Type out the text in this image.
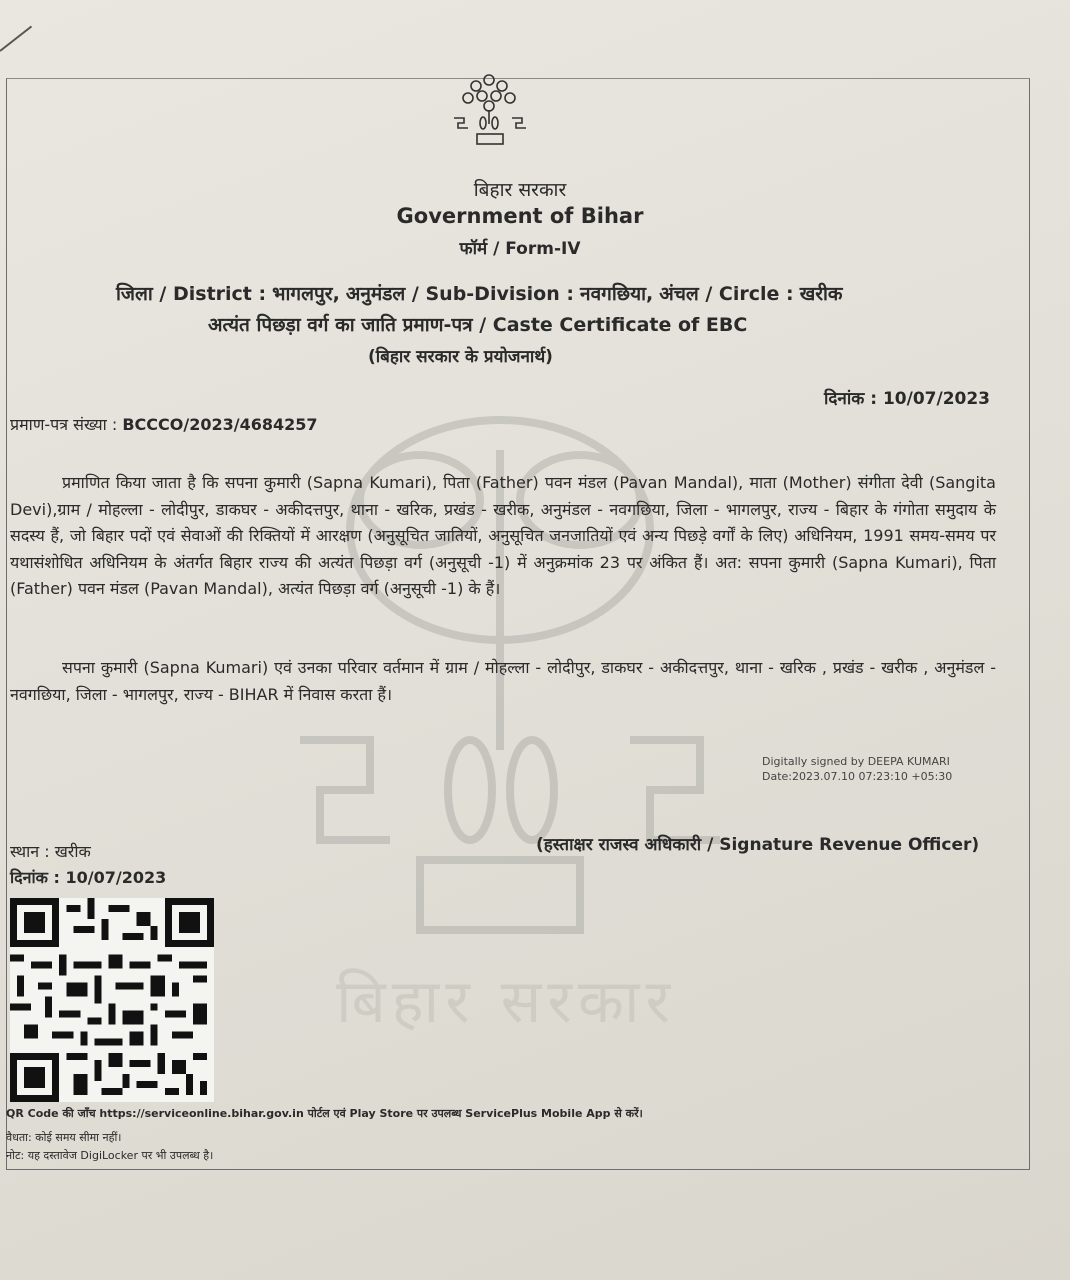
बिहार सरकार
बिहार सरकार
Government of Bihar
फॉर्म / Form-IV
जिला / District : भागलपुर, अनुमंडल / Sub-Division : नवगछिया, अंचल / Circle : खरीक
अत्यंत पिछड़ा वर्ग का जाति प्रमाण-पत्र / Caste Certificate of EBC
(बिहार सरकार के प्रयोजनार्थ)
दिनांक : 10/07/2023
प्रमाण-पत्र संख्या : BCCCO/2023/4684257
प्रमाणित किया जाता है कि सपना कुमारी (Sapna Kumari), पिता (Father) पवन मंडल (Pavan Mandal), माता (Mother) संगीता देवी (Sangita Devi),ग्राम / मोहल्ला - लोदीपुर, डाकघर - अकीदत्तपुर, थाना - खरिक, प्रखंड - खरीक, अनुमंडल - नवगछिया, जिला - भागलपुर, राज्य - बिहार के गंगोता समुदाय के सदस्य हैं, जो बिहार पदों एवं सेवाओं की रिक्तियों में आरक्षण (अनुसूचित जातियों, अनुसूचित जनजातियों एवं अन्य पिछड़े वर्गों के लिए) अधिनियम, 1991 समय-समय पर यथासंशोधित अधिनियम के अंतर्गत बिहार राज्य की अत्यंत पिछड़ा वर्ग (अनुसूची -1) में अनुक्रमांक 23 पर अंकित हैं। अत: सपना कुमारी (Sapna Kumari), पिता (Father) पवन मंडल (Pavan Mandal), अत्यंत पिछड़ा वर्ग (अनुसूची -1) के हैं।
सपना कुमारी (Sapna Kumari) एवं उनका परिवार वर्तमान में ग्राम / मोहल्ला - लोदीपुर, डाकघर - अकीदत्तपुर, थाना - खरिक , प्रखंड - खरीक , अनुमंडल - नवगछिया, जिला - भागलपुर, राज्य - BIHAR में निवास करता हैं।
Digitally signed by DEEPA KUMARI
Date:2023.07.10 07:23:10 +05:30
(हस्ताक्षर राजस्व अधिकारी / Signature Revenue Officer)
स्थान : खरीक
दिनांक : 10/07/2023
QR Code की जाँच https://serviceonline.bihar.gov.in पोर्टल एवं Play Store पर उपलब्ध ServicePlus Mobile App से करें।
वैधता: कोई समय सीमा नहीं।
नोट: यह दस्तावेज DigiLocker पर भी उपलब्ध है।
